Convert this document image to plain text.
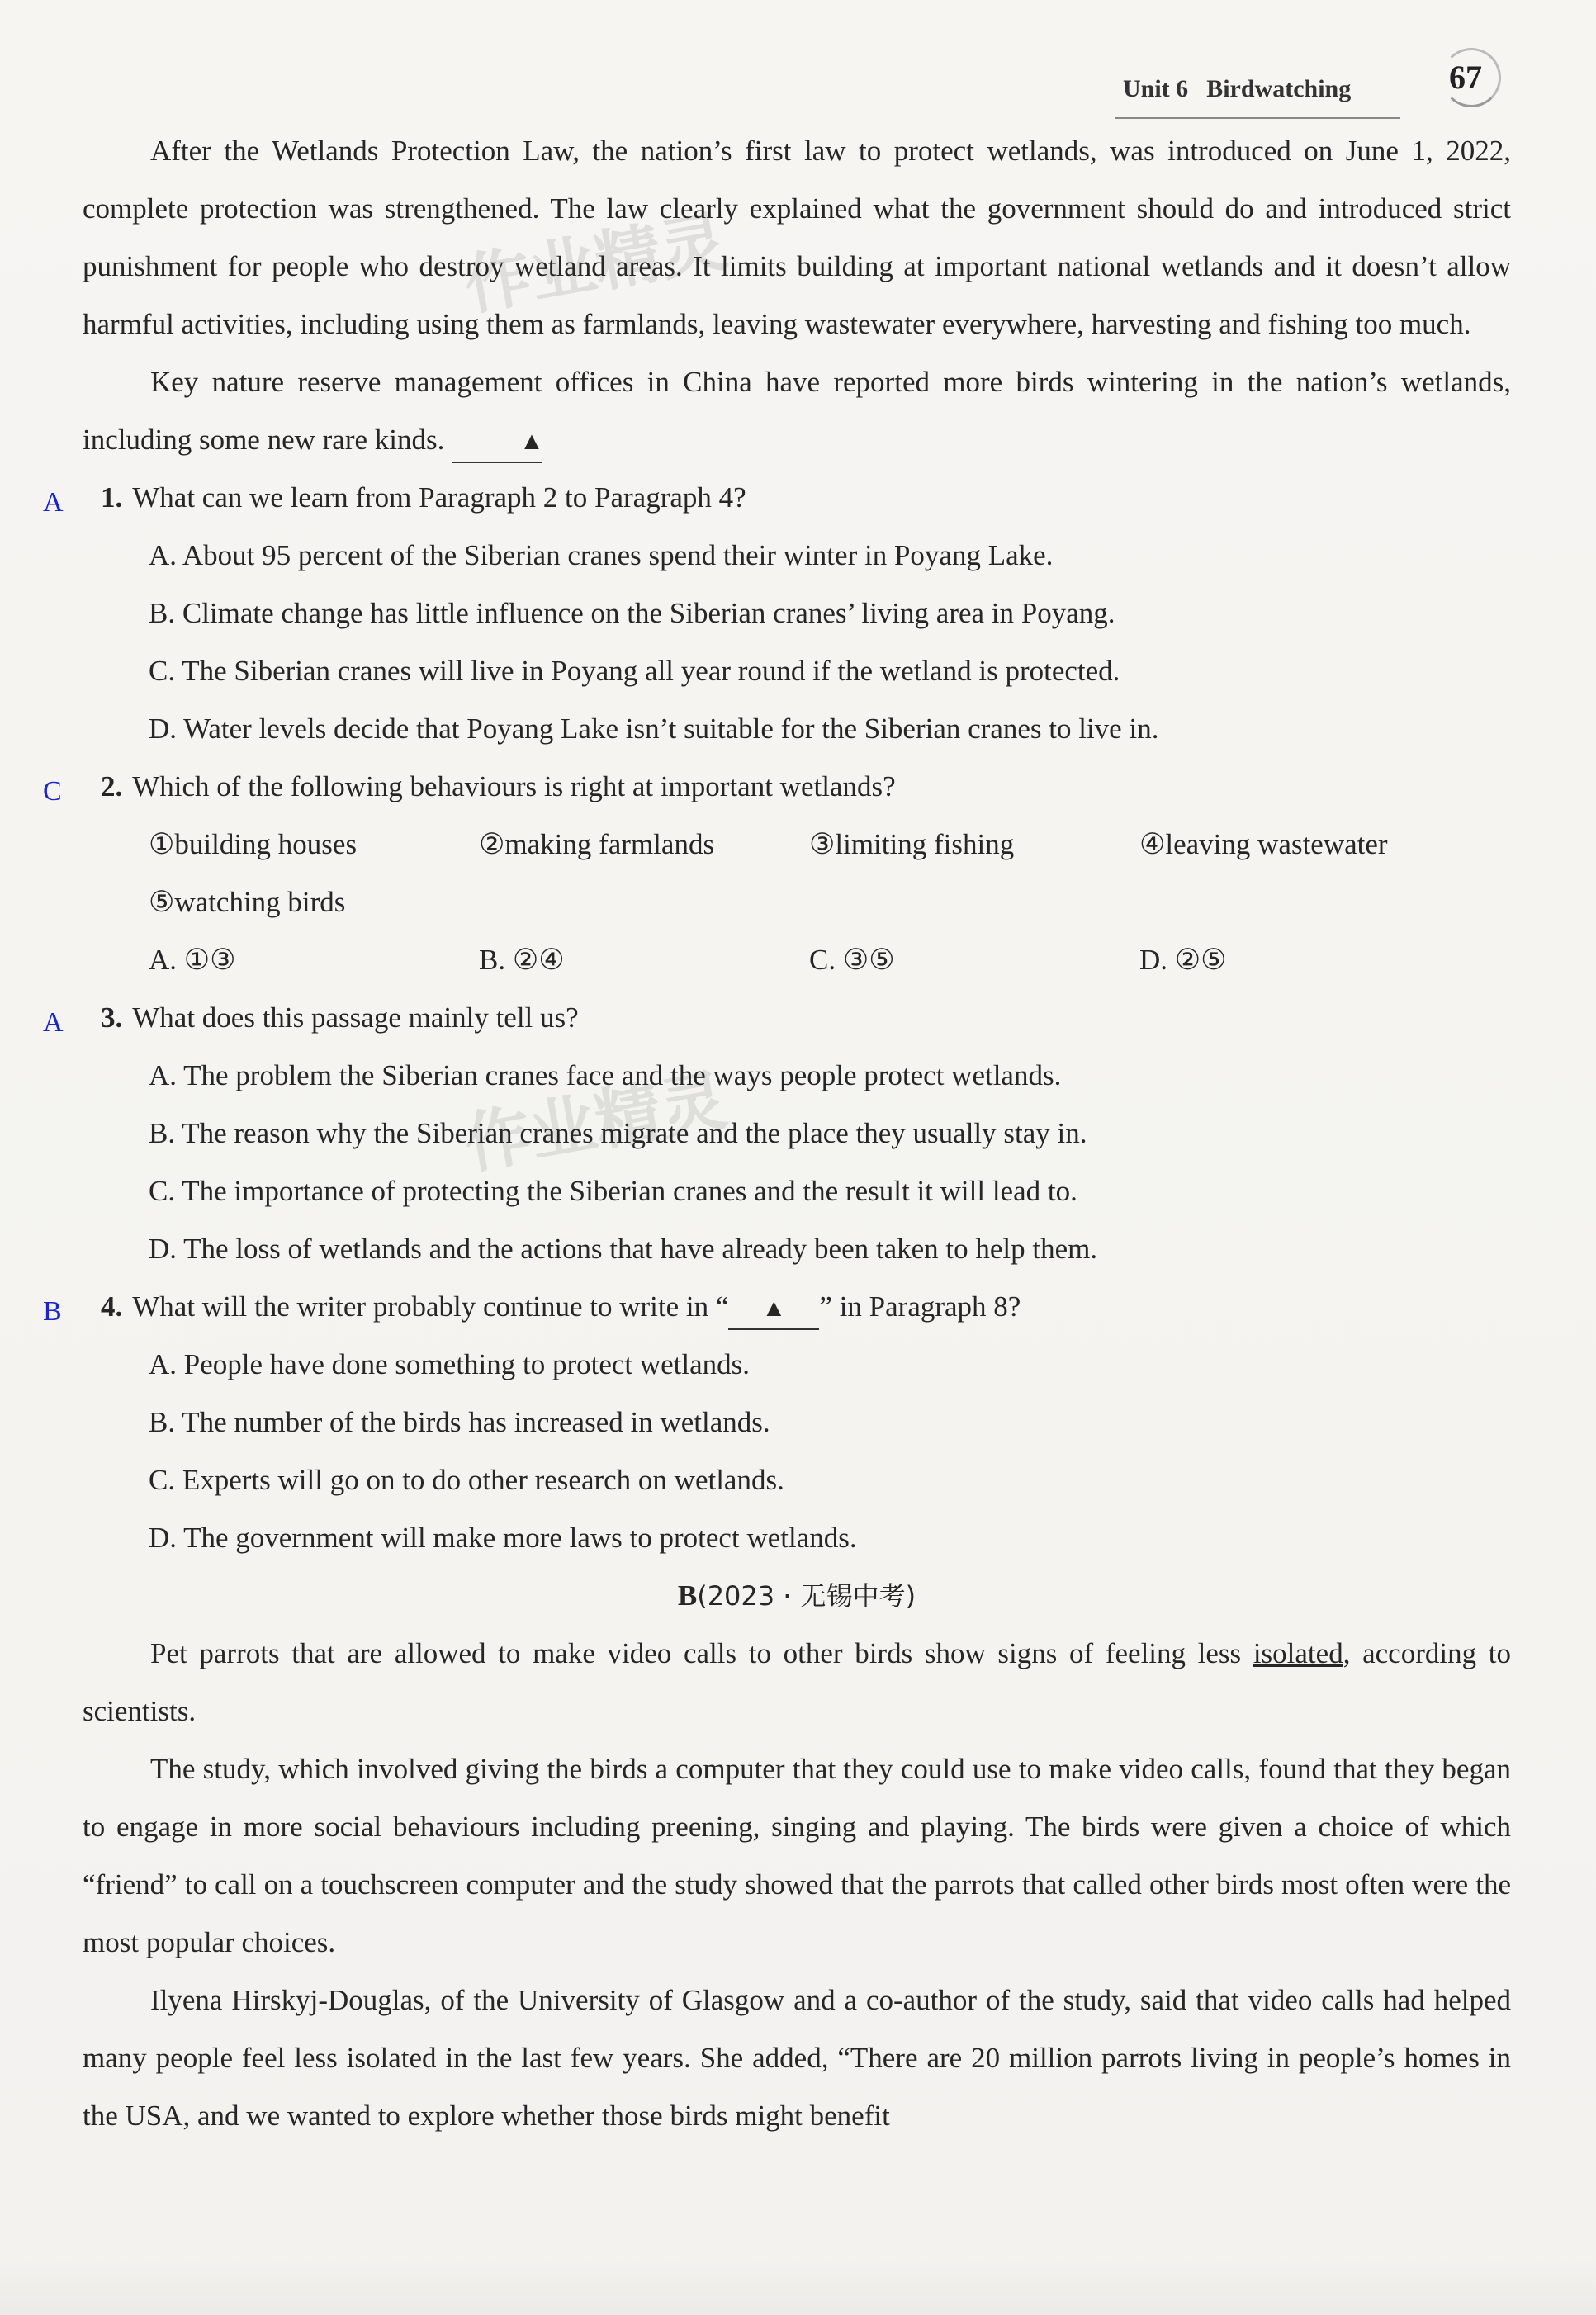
Unit 6 Birdwatching	67
作业精灵
作业精灵

After the Wetlands Protection Law, the nation’s first law to protect wetlands, was introduced on June 1, 2022, complete protection was strengthened. The law clearly explained what the government should do and introduced strict punishment for people who destroy wetland areas. It limits building at important national wetlands and it doesn’t allow harmful activities, including using them as farmlands, leaving wastewater everywhere, harvesting and fishing too much.

Key nature reserve management offices in China have reported more birds wintering in the nation’s wetlands, including some new rare kinds.	▲

A 1. What can we learn from Paragraph 2 to Paragraph 4?

A. About 95 percent of the Siberian cranes spend their winter in Poyang Lake.

B. Climate change has little influence on the Siberian cranes’ living area in Poyang.

C. The Siberian cranes will live in Poyang all year round if the wetland is protected.

D. Water levels decide that Poyang Lake isn’t suitable for the Siberian cranes to live in.

C 2. Which of the following behaviours is right at important wetlands?

①building houses	②making farmlands	③limiting fishing	④leaving wastewater
⑤watching birds
A. ①③	B. ②④	C. ③⑤	D. ②⑤

A 3. What does this passage mainly tell us?

A. The problem the Siberian cranes face and the ways people protect wetlands.

B. The reason why the Siberian cranes migrate and the place they usually stay in.

C. The importance of protecting the Siberian cranes and the result it will lead to.

D. The loss of wetlands and the actions that have already been taken to help them.

B 4. What will the writer probably continue to write in “ ▲ ” in Paragraph 8?

A. People have done something to protect wetlands.

B. The number of the birds has increased in wetlands.

C. Experts will go on to do other research on wetlands.

D. The government will make more laws to protect wetlands.

B(2023 · 无锡中考)

Pet parrots that are allowed to make video calls to other birds show signs of feeling less isolated, according to scientists.

The study, which involved giving the birds a computer that they could use to make video calls, found that they began to engage in more social behaviours including preening, singing and playing. The birds were given a choice of which “friend” to call on a touchscreen computer and the study showed that the parrots that called other birds most often were the most popular choices.

Ilyena Hirskyj-Douglas, of the University of Glasgow and a co-author of the study, said that video calls had helped many people feel less isolated in the last few years. She added, “There are 20 million parrots living in people’s homes in the USA, and we wanted to explore whether those birds might benefit
